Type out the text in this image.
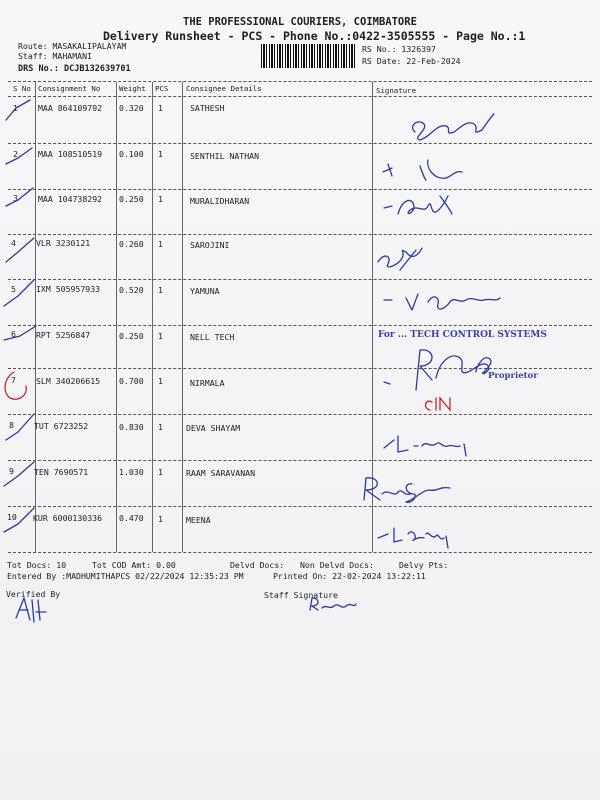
THE PROFESSIONAL COURIERS, COIMBATORE
Delivery Runsheet - PCS - Phone No.:0422-3505555 - Page No.:1
Route: MASAKALIPALAYAM
Staff: MAHAMANI
DRS No.: DCJB132639701
RS No.: 1326397
RS Date: 22-Feb-2024
S No Consignment No	Weight PCS Consignee Details	Signature
1 MAA 864109792 0.320 1	SATHESH
2 MAA 108510519 0.100 1	SENTHIL NATHAN
3 MAA 104738292 0.250 1	MURALIDHARAN
4 VLR 3230121	0.260 1	SAROJINI
5 IXM 505957933 0.520 1	YAMUNA
6 RPT 5256847	0.250 1	NELL TECH
7 SLM 340206615 0.700 1	NIRMALA
8 TUT 6723252	0.830 1	DEVA SHAYAM
9 TEN 7690571	1.030 1	RAAM SARAVANAN
10 KUR 6000130336 0.470 1	MEENA
Tot Docs: 10	Tot COD Amt: 0.00	Delvd Docs: Non Delvd Docs:	Delvy Pts:
Entered By :MADHUMITHAPCS 02/22/2024 12:35:23 PM	Printed On: 22-02-2024 13:22:11
Verified By	Staff Signature
For ... TECH CONTROL SYSTEMS
Proprietor
